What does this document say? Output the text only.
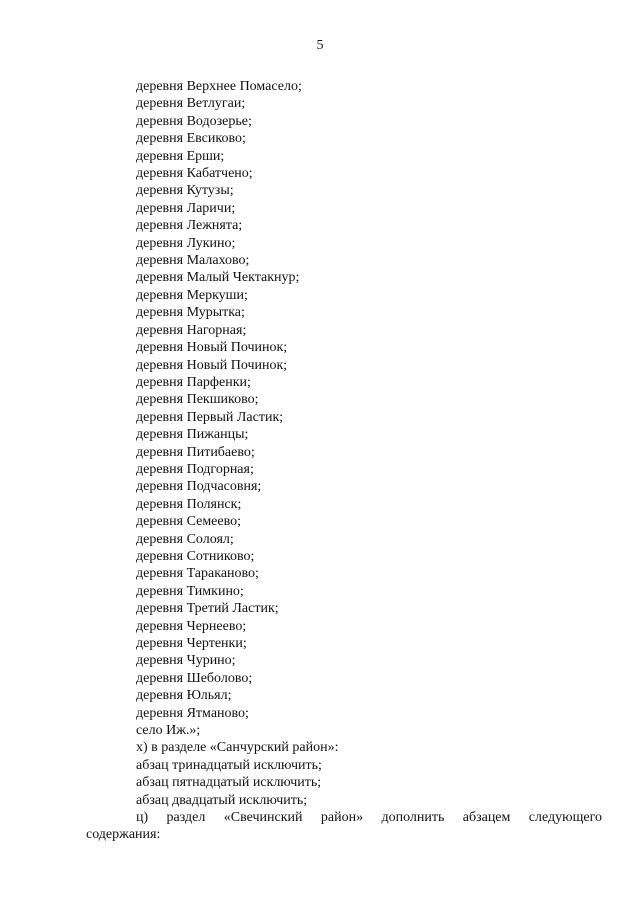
5
деревня Верхнее Помасело;
деревня Ветлугаи;
деревня Водозерье;
деревня Евсиково;
деревня Ерши;
деревня Кабатчено;
деревня Кутузы;
деревня Ларичи;
деревня Лежнята;
деревня Лукино;
деревня Малахово;
деревня Малый Чектакнур;
деревня Меркуши;
деревня Мурытка;
деревня Нагорная;
деревня Новый Починок;
деревня Новый Починок;
деревня Парфенки;
деревня Пекшиково;
деревня Первый Ластик;
деревня Пижанцы;
деревня Питибаево;
деревня Подгорная;
деревня Подчасовня;
деревня Полянск;
деревня Семеево;
деревня Солоял;
деревня Сотниково;
деревня Тараканово;
деревня Тимкино;
деревня Третий Ластик;
деревня Чернеево;
деревня Чертенки;
деревня Чурино;
деревня Шеболово;
деревня Юльял;
деревня Ятманово;
село Иж.»;
х) в разделе «Санчурский район»:
абзац тринадцатый исключить;
абзац пятнадцатый исключить;
абзац двадцатый исключить;
ц) раздел «Свечинский район» дополнить абзацем следующего
содержания:
